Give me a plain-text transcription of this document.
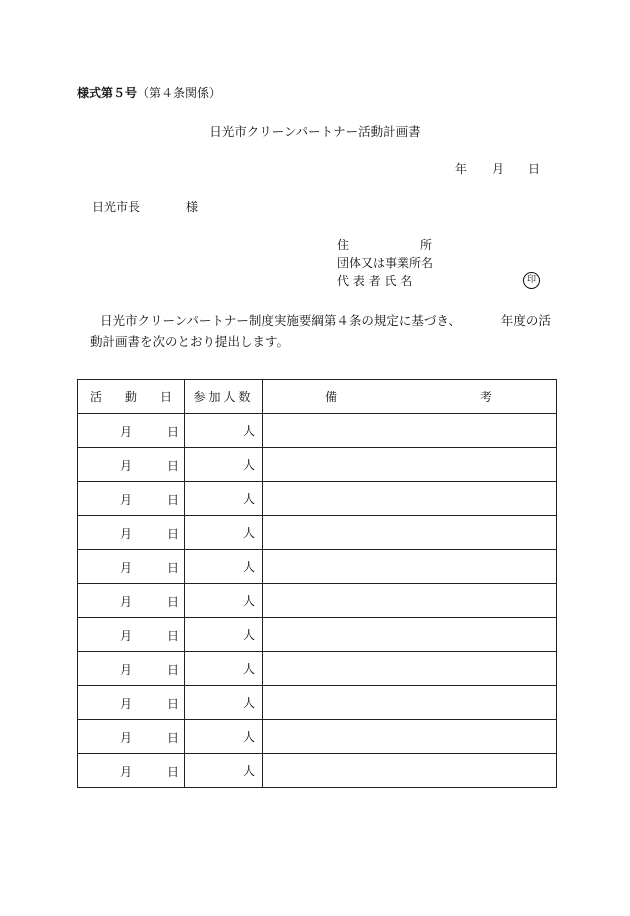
様式第５号（第４条関係）
日光市クリーンパートナー活動計画書
年 月 日
日光市長	様
住	所
団体又は事業所名
代 表 者 氏 名	印
日光市クリーンパートナー制度実施要綱第４条の規定に基づき、	年度の活動計画書を次のとおり提出します。
活 動 日	参加人数	備 考

月 日	人	

月 日	人	

月 日	人	

月 日	人	

月 日	人	

月 日	人	

月 日	人	

月 日	人	

月 日	人	

月 日	人	

月 日	人	
